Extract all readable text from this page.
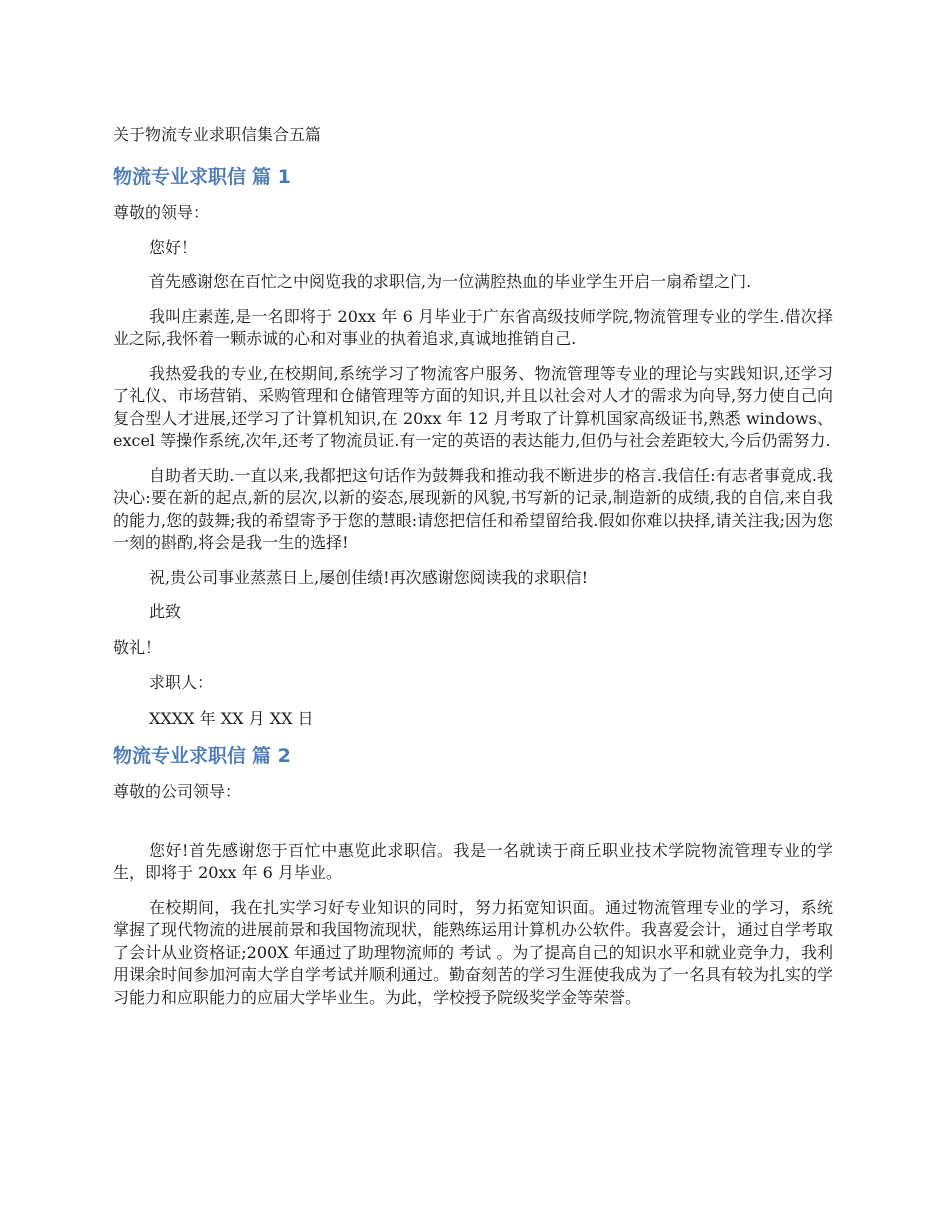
关于物流专业求职信集合五篇
物流专业求职信 篇 1

尊敬的领导：

您好！

首先感谢您在百忙之中阅览我的求职信,为一位满腔热血的毕业学生开启一扇希望之门.

我叫庄素莲,是一名即将于 20xx 年 6 月毕业于广东省高级技师学院,物流管理专业的学生.借次择业之际,我怀着一颗赤诚的心和对事业的执着追求,真诚地推销自己.

我热爱我的专业,在校期间,系统学习了物流客户服务、物流管理等专业的理论与实践知识,还学习了礼仪、市场营销、采购管理和仓储管理等方面的知识,并且以社会对人才的需求为向导,努力使自己向复合型人才进展,还学习了计算机知识,在 20xx 年 12 月考取了计算机国家高级证书,熟悉 windows、excel 等操作系统,次年,还考了物流员证.有一定的英语的表达能力,但仍与社会差距较大,今后仍需努力.

自助者天助.一直以来,我都把这句话作为鼓舞我和推动我不断进步的格言.我信任:有志者事竟成.我决心:要在新的起点,新的层次,以新的姿态,展现新的风貌,书写新的记录,制造新的成绩,我的自信,来自我的能力,您的鼓舞;我的希望寄予于您的慧眼:请您把信任和希望留给我.假如你难以抉择,请关注我;因为您一刻的斟酌,将会是我一生的选择!

祝,贵公司事业蒸蒸日上,屡创佳绩!再次感谢您阅读我的求职信!

此致

敬礼！

求职人：

XXXX 年 XX 月 XX 日

物流专业求职信 篇 2

尊敬的公司领导：

您好!首先感谢您于百忙中惠览此求职信。我是一名就读于商丘职业技术学院物流管理专业的学生，即将于 20xx 年 6 月毕业。

在校期间，我在扎实学习好专业知识的同时，努力拓宽知识面。通过物流管理专业的学习，系统掌握了现代物流的进展前景和我国物流现状，能熟练运用计算机办公软件。我喜爱会计，通过自学考取了会计从业资格证;200X 年通过了助理物流师的 考试 。为了提高自己的知识水平和就业竞争力，我利用课余时间参加河南大学自学考试并顺利通过。勤奋刻苦的学习生涯使我成为了一名具有较为扎实的学习能力和应职能力的应届大学毕业生。为此，学校授予院级奖学金等荣誉。
